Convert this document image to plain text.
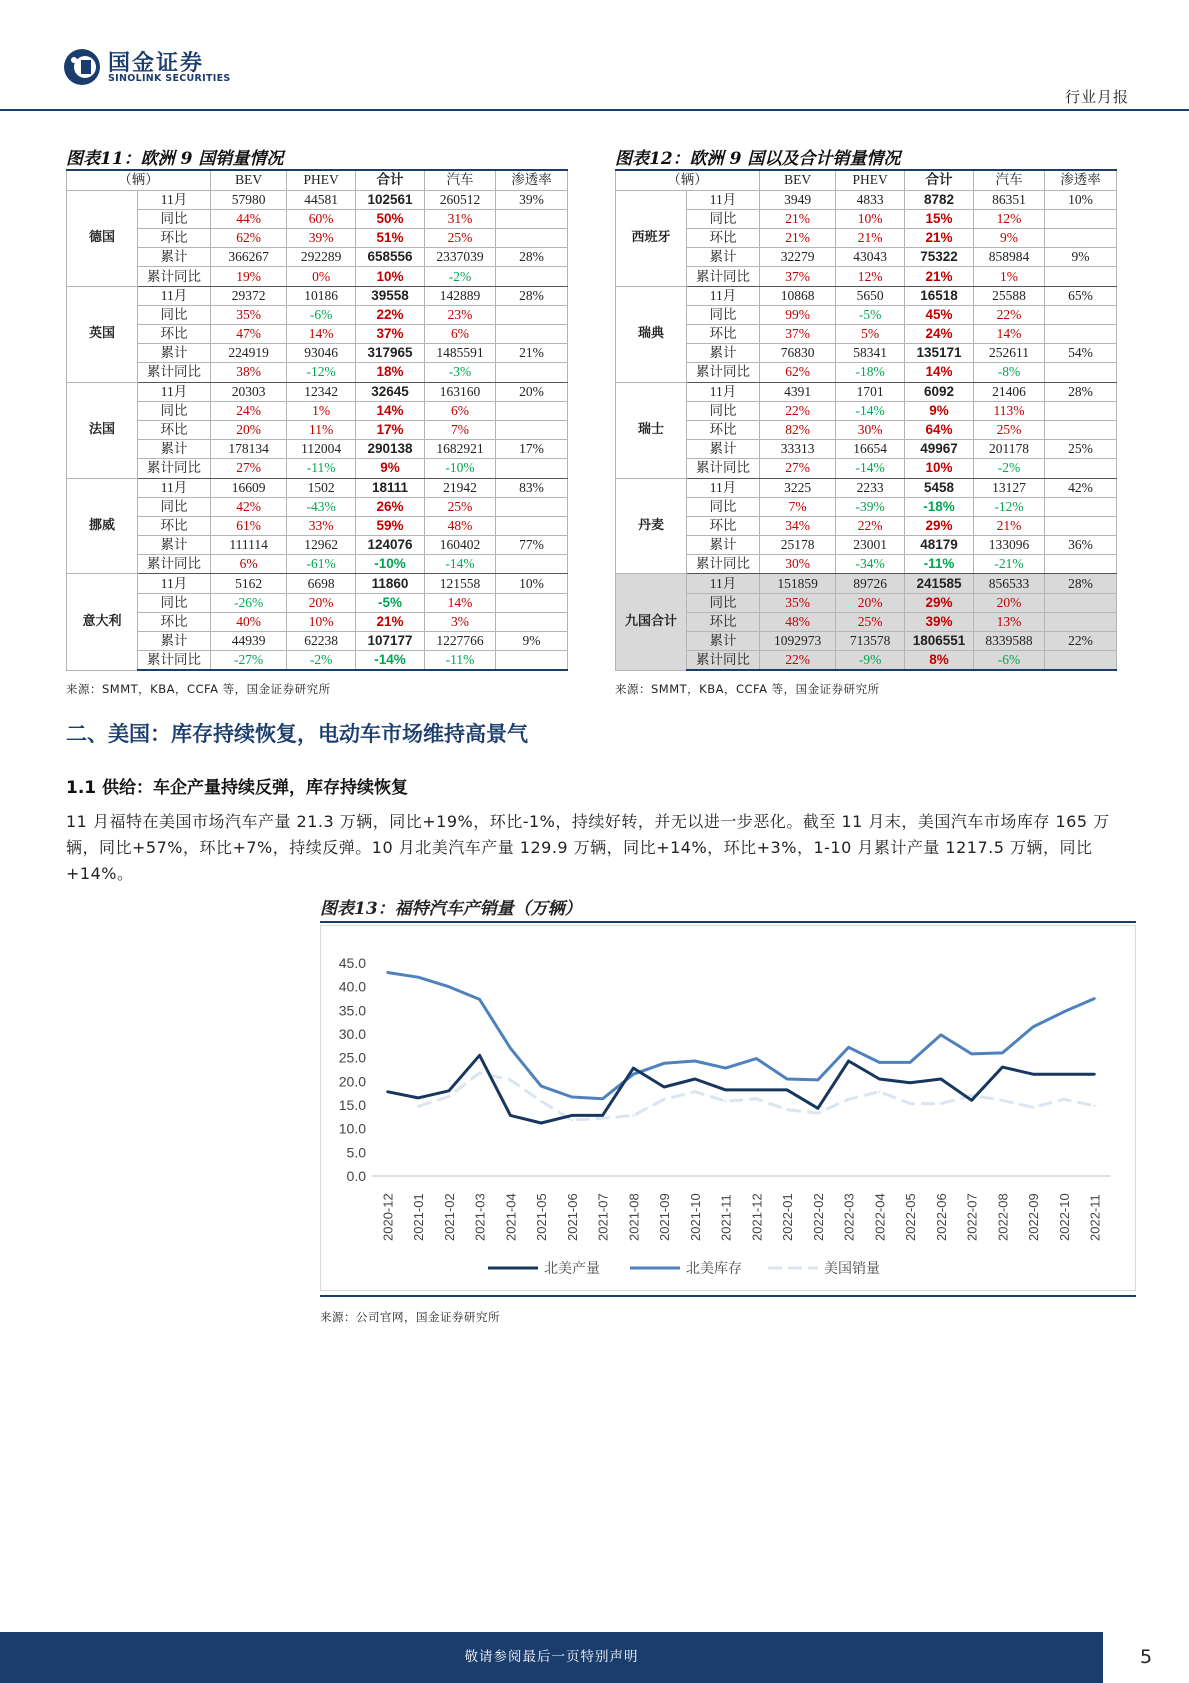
国金证券
SINOLINK SECURITIES
行业月报
图表11：欧洲 9 国销量情况
（辆）		BEV	PHEV	合计	汽车	渗透率
德国	11月	57980	44581	102561	260512	39%
	同比	44%	60%	50%	31%	
	环比	62%	39%	51%	25%	
	累计	366267	292289	658556	2337039	28%
	累计同比	19%	0%	10%	-2%	
英国	11月	29372	10186	39558	142889	28%
	同比	35%	-6%	22%	23%	
	环比	47%	14%	37%	6%	
	累计	224919	93046	317965	1485591	21%
	累计同比	38%	-12%	18%	-3%	
法国	11月	20303	12342	32645	163160	20%
	同比	24%	1%	14%	6%	
	环比	20%	11%	17%	7%	
	累计	178134	112004	290138	1682921	17%
	累计同比	27%	-11%	9%	-10%	
挪威	11月	16609	1502	18111	21942	83%
	同比	42%	-43%	26%	25%	
	环比	61%	33%	59%	48%	
	累计	111114	12962	124076	160402	77%
	累计同比	6%	-61%	-10%	-14%	
意大利	11月	5162	6698	11860	121558	10%
	同比	-26%	20%	-5%	14%	
	环比	40%	10%	21%	3%	
	累计	44939	62238	107177	1227766	9%
	累计同比	-27%	-2%	-14%	-11%	
来源：SMMT，KBA，CCFA 等，国金证券研究所
图表12：欧洲 9 国以及合计销量情况
（辆）		BEV	PHEV	合计	汽车	渗透率
西班牙	11月	3949	4833	8782	86351	10%
	同比	21%	10%	15%	12%	
	环比	21%	21%	21%	9%	
	累计	32279	43043	75322	858984	9%
	累计同比	37%	12%	21%	1%	
瑞典	11月	10868	5650	16518	25588	65%
	同比	99%	-5%	45%	22%	
	环比	37%	5%	24%	14%	
	累计	76830	58341	135171	252611	54%
	累计同比	62%	-18%	14%	-8%	
瑞士	11月	4391	1701	6092	21406	28%
	同比	22%	-14%	9%	113%	
	环比	82%	30%	64%	25%	
	累计	33313	16654	49967	201178	25%
	累计同比	27%	-14%	10%	-2%	
丹麦	11月	3225	2233	5458	13127	42%
	同比	7%	-39%	-18%	-12%	
	环比	34%	22%	29%	21%	
	累计	25178	23001	48179	133096	36%
	累计同比	30%	-34%	-11%	-21%	
九国合计	11月	151859	89726	241585	856533	28%
	同比	35%	20%	29%	20%	
	环比	48%	25%	39%	13%	
	累计	1092973	713578	1806551	8339588	22%
	累计同比	22%	-9%	8%	-6%	
来源：SMMT，KBA，CCFA 等，国金证券研究所
二、美国：库存持续恢复，电动车市场维持高景气
1.1 供给：车企产量持续反弹，库存持续恢复
11 月福特在美国市场汽车产量 21.3 万辆，同比+19%，环比-1%，持续好转，并无以进一步恶化。截至 11 月末，美国汽车市场库存 165 万辆，同比+57%，环比+7%，持续反弹。10 月北美汽车产量 129.9 万辆，同比+14%，环比+3%，1-10 月累计产量 1217.5 万辆，同比+14%。
图表13：福特汽车产销量（万辆）
0.0
5.0
10.0
15.0
20.0
25.0
30.0
35.0
40.0
45.0
2020-12 2021-01 2021-02 2021-03 2021-04 2021-05 2021-06 2021-07 2021-08 2021-09 2021-10 2021-11 2021-12 2022-01 2022-02 2022-03 2022-04 2022-05 2022-06 2022-07 2022-08 2022-09 2022-10 2022-11
北美产量	北美库存	美国销量
来源：公司官网，国金证券研究所
敬请参阅最后一页特别声明	5
